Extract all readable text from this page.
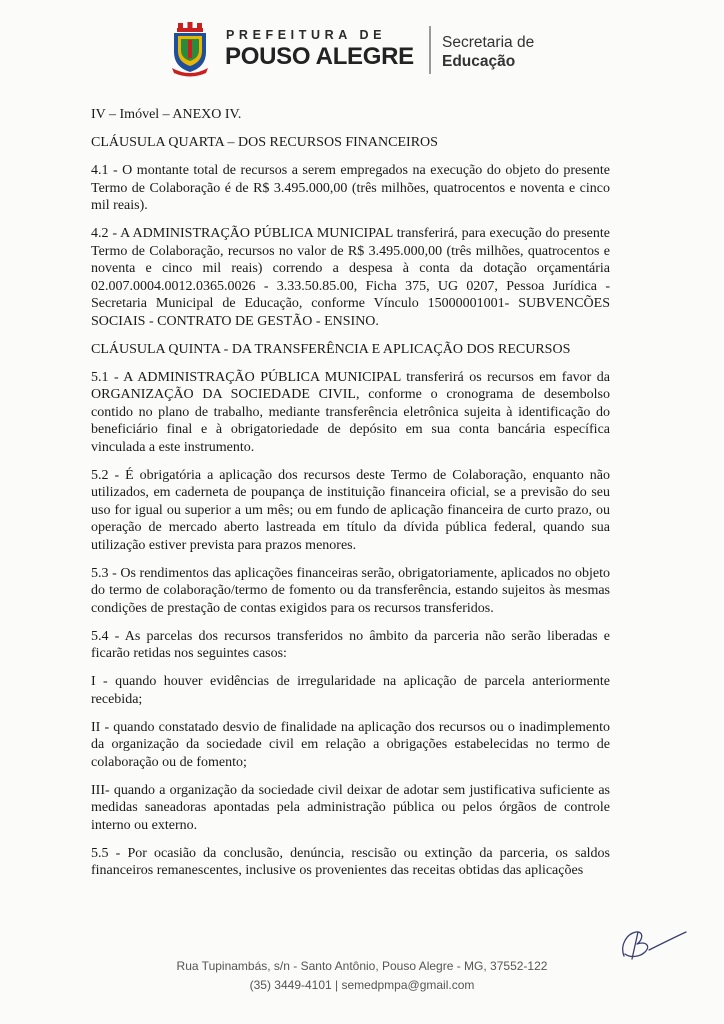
PREFEITURA DE
POUSO ALEGRE
Secretaria de
Educação

IV – Imóvel – ANEXO IV.

CLÁUSULA QUARTA – DOS RECURSOS FINANCEIROS

4.1 - O montante total de recursos a serem empregados na execução do objeto do presente Termo de Colaboração é de R$ 3.495.000,00 (três milhões, quatrocentos e noventa e cinco mil reais).

4.2 - A ADMINISTRAÇÃO PÚBLICA MUNICIPAL transferirá, para execução do presente Termo de Colaboração, recursos no valor de R$ 3.495.000,00 (três milhões, quatrocentos e noventa e cinco mil reais) correndo a despesa à conta da dotação orçamentária 02.007.0004.0012.0365.0026 - 3.33.50.85.00, Ficha 375, UG 0207, Pessoa Jurídica - Secretaria Municipal de Educação, conforme Vínculo 15000001001- SUBVENCÕES SOCIAIS - CONTRATO DE GESTÃO - ENSINO.

CLÁUSULA QUINTA - DA TRANSFERÊNCIA E APLICAÇÃO DOS RECURSOS

5.1 - A ADMINISTRAÇÃO PÚBLICA MUNICIPAL transferirá os recursos em favor da ORGANIZAÇÃO DA SOCIEDADE CIVIL, conforme o cronograma de desembolso contido no plano de trabalho, mediante transferência eletrônica sujeita à identificação do beneficiário final e à obrigatoriedade de depósito em sua conta bancária específica vinculada a este instrumento.

5.2 - É obrigatória a aplicação dos recursos deste Termo de Colaboração, enquanto não utilizados, em caderneta de poupança de instituição financeira oficial, se a previsão do seu uso for igual ou superior a um mês; ou em fundo de aplicação financeira de curto prazo, ou operação de mercado aberto lastreada em título da dívida pública federal, quando sua utilização estiver prevista para prazos menores.

5.3 - Os rendimentos das aplicações financeiras serão, obrigatoriamente, aplicados no objeto do termo de colaboração/termo de fomento ou da transferência, estando sujeitos às mesmas condições de prestação de contas exigidos para os recursos transferidos.

5.4 - As parcelas dos recursos transferidos no âmbito da parceria não serão liberadas e ficarão retidas nos seguintes casos:

I - quando houver evidências de irregularidade na aplicação de parcela anteriormente recebida;

II - quando constatado desvio de finalidade na aplicação dos recursos ou o inadimplemento da organização da sociedade civil em relação a obrigações estabelecidas no termo de colaboração ou de fomento;

III- quando a organização da sociedade civil deixar de adotar sem justificativa suficiente as medidas saneadoras apontadas pela administração pública ou pelos órgãos de controle interno ou externo.

5.5 - Por ocasião da conclusão, denúncia, rescisão ou extinção da parceria, os saldos financeiros remanescentes, inclusive os provenientes das receitas obtidas das aplicações

Rua Tupinambás, s/n - Santo Antônio, Pouso Alegre - MG, 37552-122
(35) 3449-4101 | semedpmpa@gmail.com
